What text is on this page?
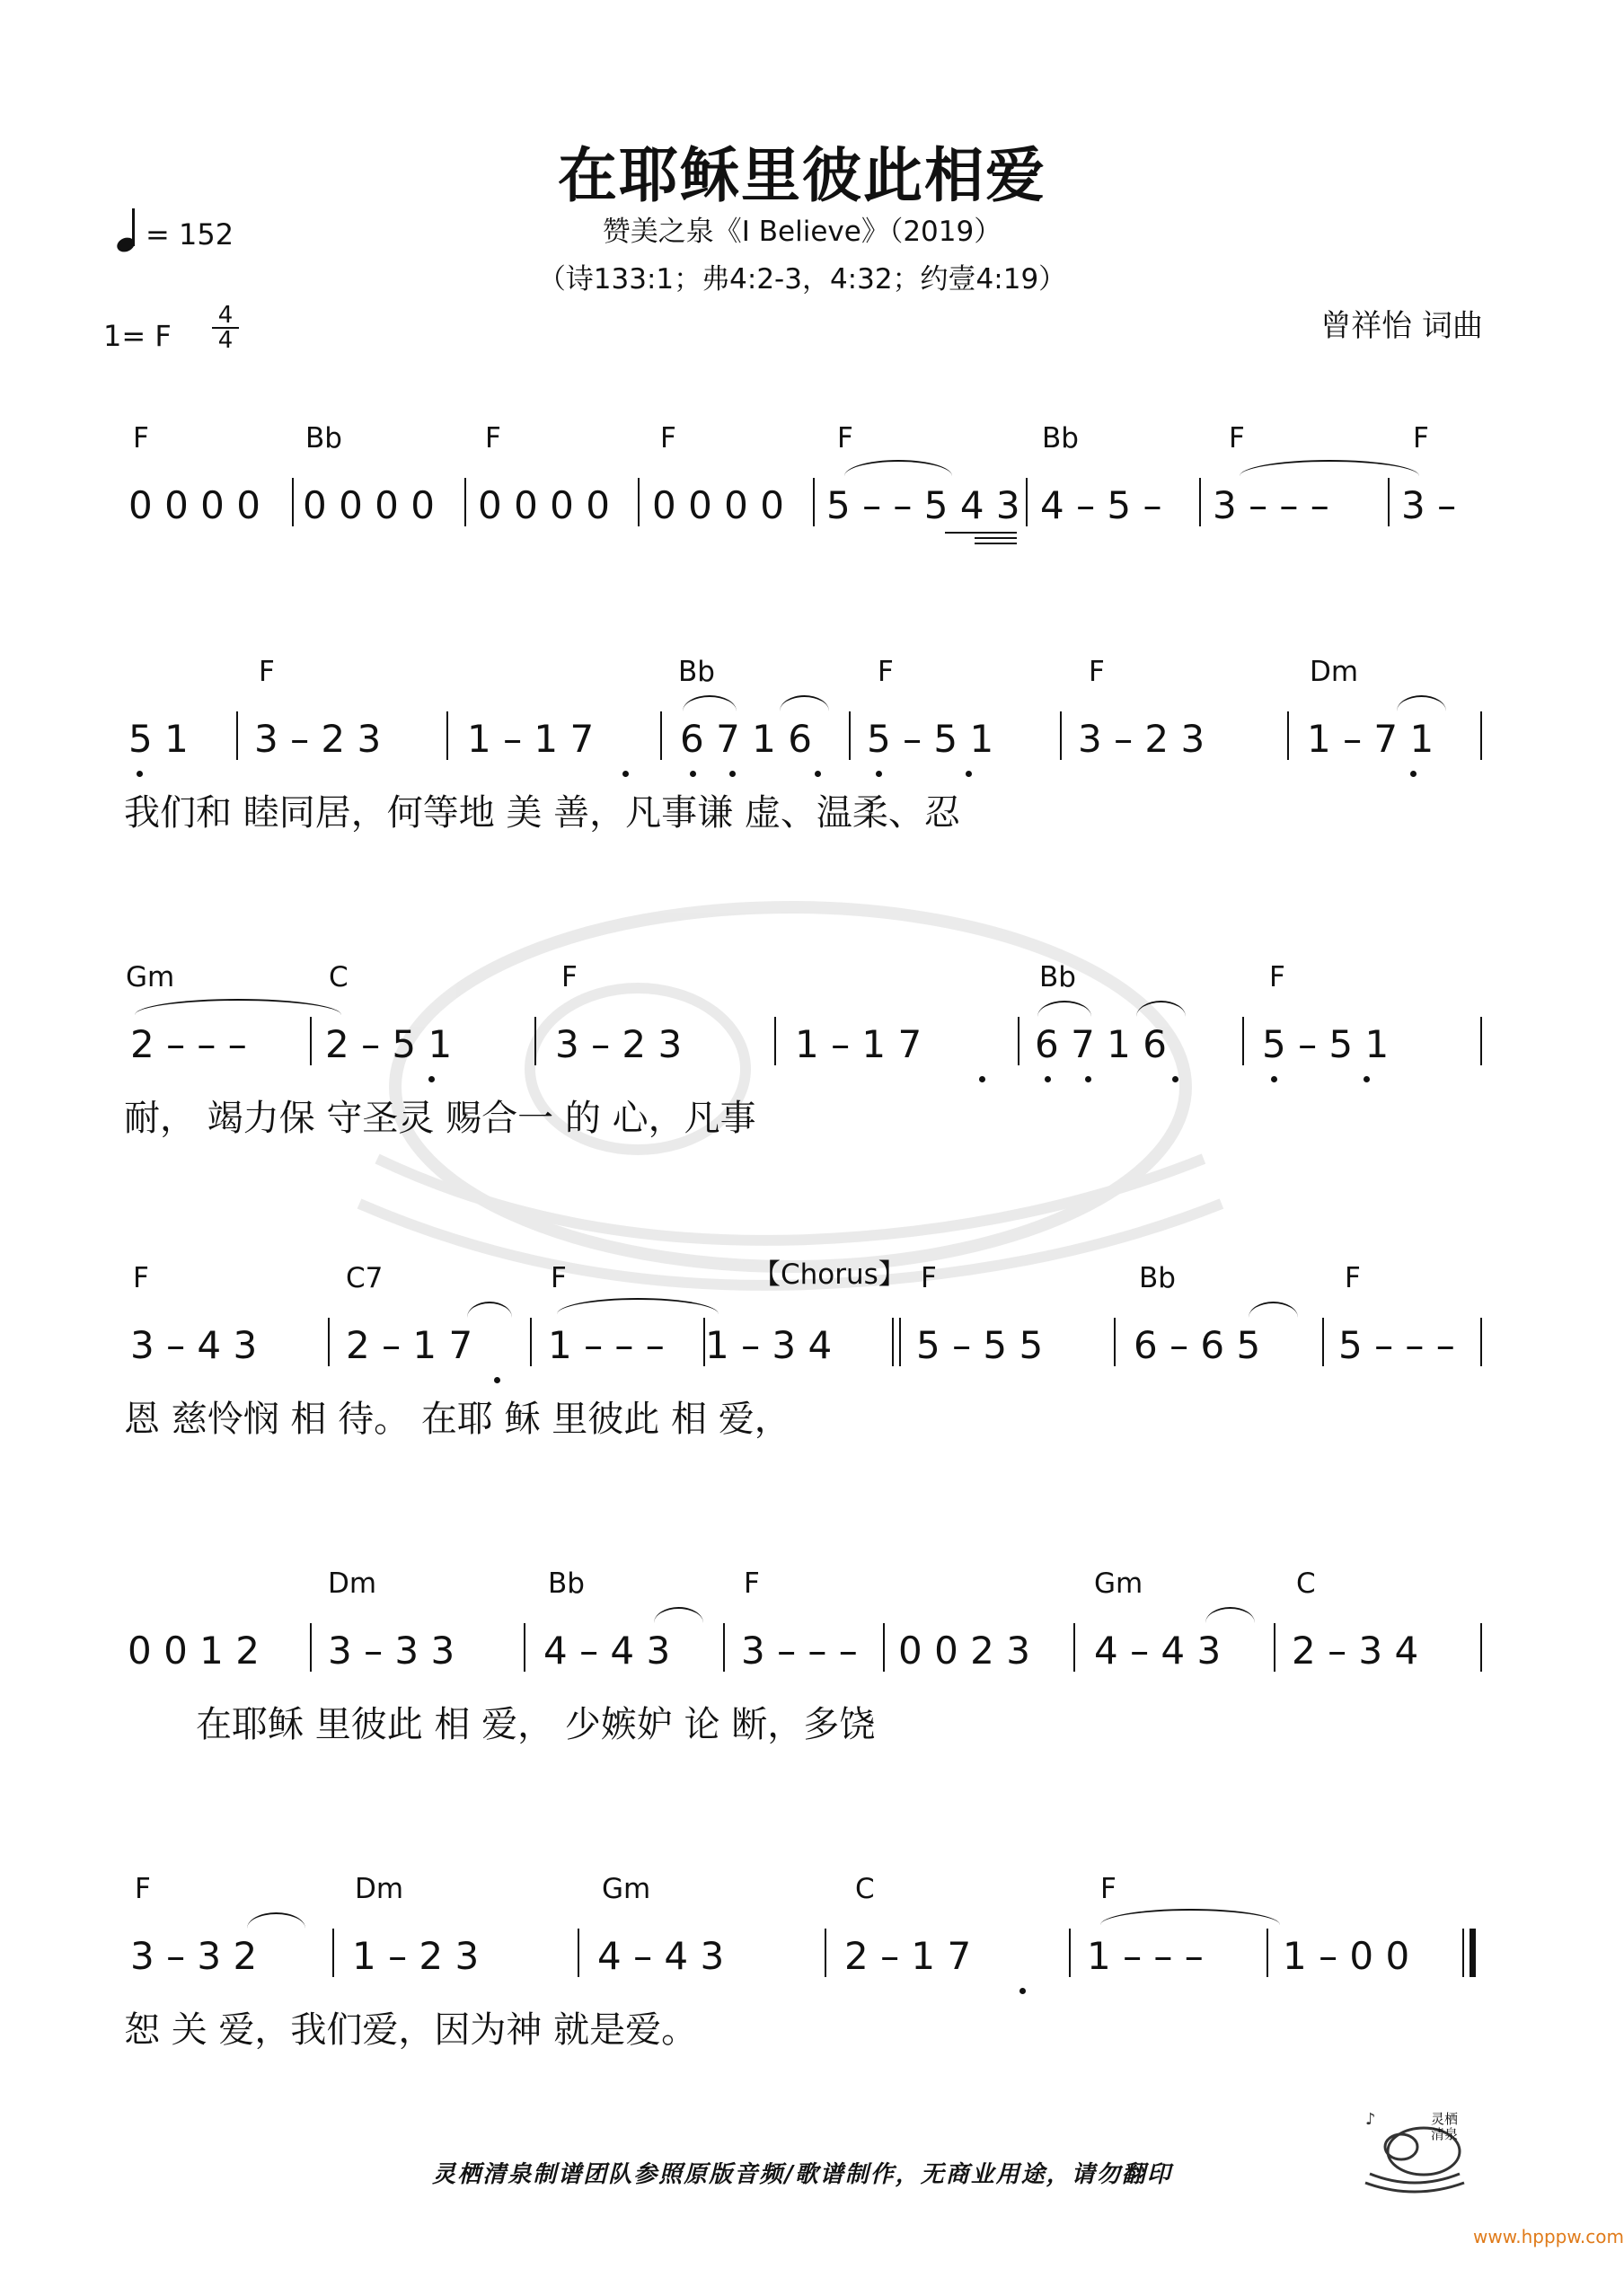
在耶稣里彼此相爱
赞美之泉《I Believe》（2019）
（诗133:1；弗4:2-3，4:32；约壹4:19）
曾祥怡 词曲
= 152
1= F $\frac{4}{4}$
F	Bb	F	F	F	Bb	F	F
0 0 0 0 0 0 0 0 0 0 0 0 0 0 0 0 5 – – 5 4 3 4 – 5 – 3 – – – 3 –
F	Bb	F	F	Dm
5 1 3 – 2 3 1 – 1 7 6 7 1 6 5 – 5 1 3 – 2 3	1 – 7 1
我们和 睦同居，何等地 美 善，凡事谦 虚、温柔、忍
Gm	C	F	Bb	F
2 – – – 2 – 5 1	3 – 2 3	1 – 1 7	6 7 1 6	5 – 5 1
耐， 竭力保 守圣灵 赐合一 的 心，凡事
F	C7	F	【Chorus】 F	Bb	F
3 – 4 3 2 – 1 7 1 – – – 1 – 3 4 5 – 5 5 6 – 6 5 5 – – –
恩 慈怜悯 相 待。 在耶 稣 里彼此 相 爱，
Dm	Bb	F	Gm	C
0 0 1 2 3 – 3 3 4 – 4 3 3 – – – 0 0 2 3 4 – 4 3 2 – 3 4
在耶稣 里彼此 相 爱， 少嫉妒 论 断，多饶
F	Dm	Gm	C	F
3 – 3 2	1 – 2 3	4 – 4 3	2 – 1 7	1 – – – 1 – 0 0
恕 关 爱，我们爱，因为神 就是爱。
灵栖清泉制谱团队参照原版音频/歌谱制作，无商业用途，请勿翻印
♪	灵栖清泉
www.hpppw.com
